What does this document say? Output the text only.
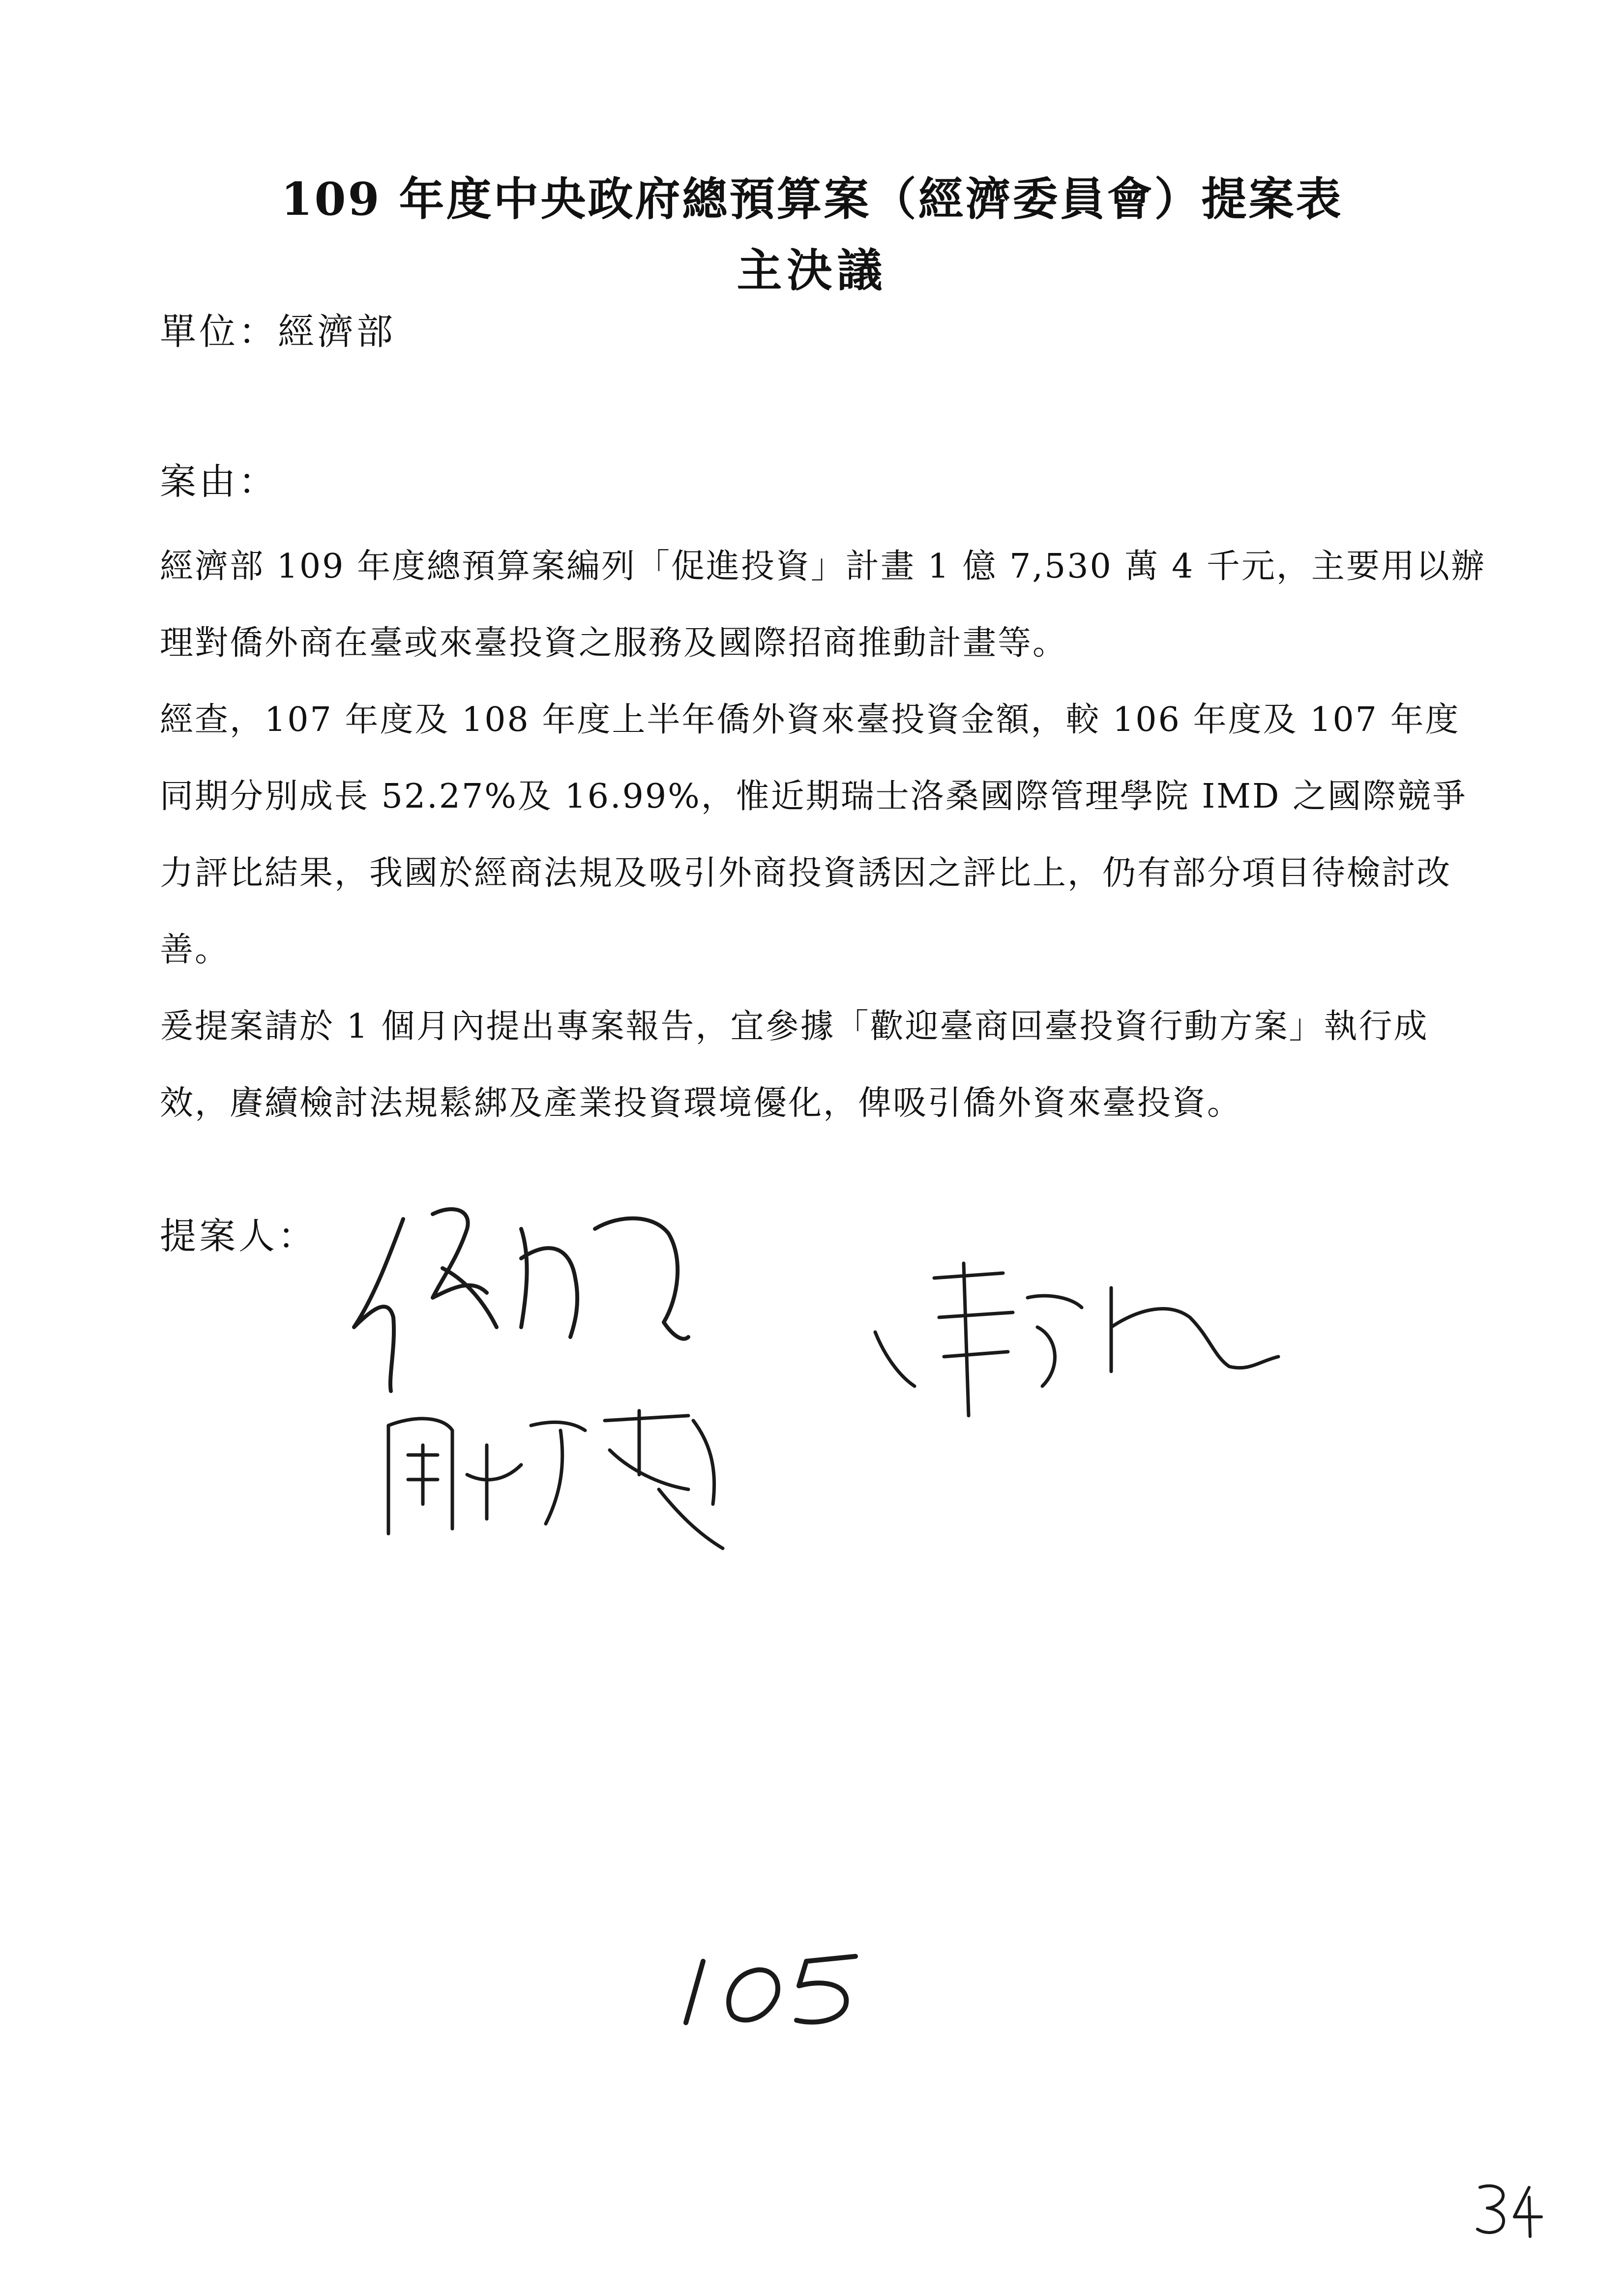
109 年度中央政府總預算案（經濟委員會）提案表
主決議
單位：經濟部
案由：

經濟部 109 年度總預算案編列「促進投資」計畫 1 億 7,530 萬 4 千元，主要用以辦理對僑外商在臺或來臺投資之服務及國際招商推動計畫等。

經查，107 年度及 108 年度上半年僑外資來臺投資金額，較 106 年度及 107 年度同期分別成長 52.27%及 16.99%，惟近期瑞士洛桑國際管理學院 IMD 之國際競爭力評比結果，我國於經商法規及吸引外商投資誘因之評比上，仍有部分項目待檢討改善。

爰提案請於 1 個月內提出專案報告，宜參據「歡迎臺商回臺投資行動方案」執行成效，賡續檢討法規鬆綁及產業投資環境優化，俾吸引僑外資來臺投資。

提案人：
